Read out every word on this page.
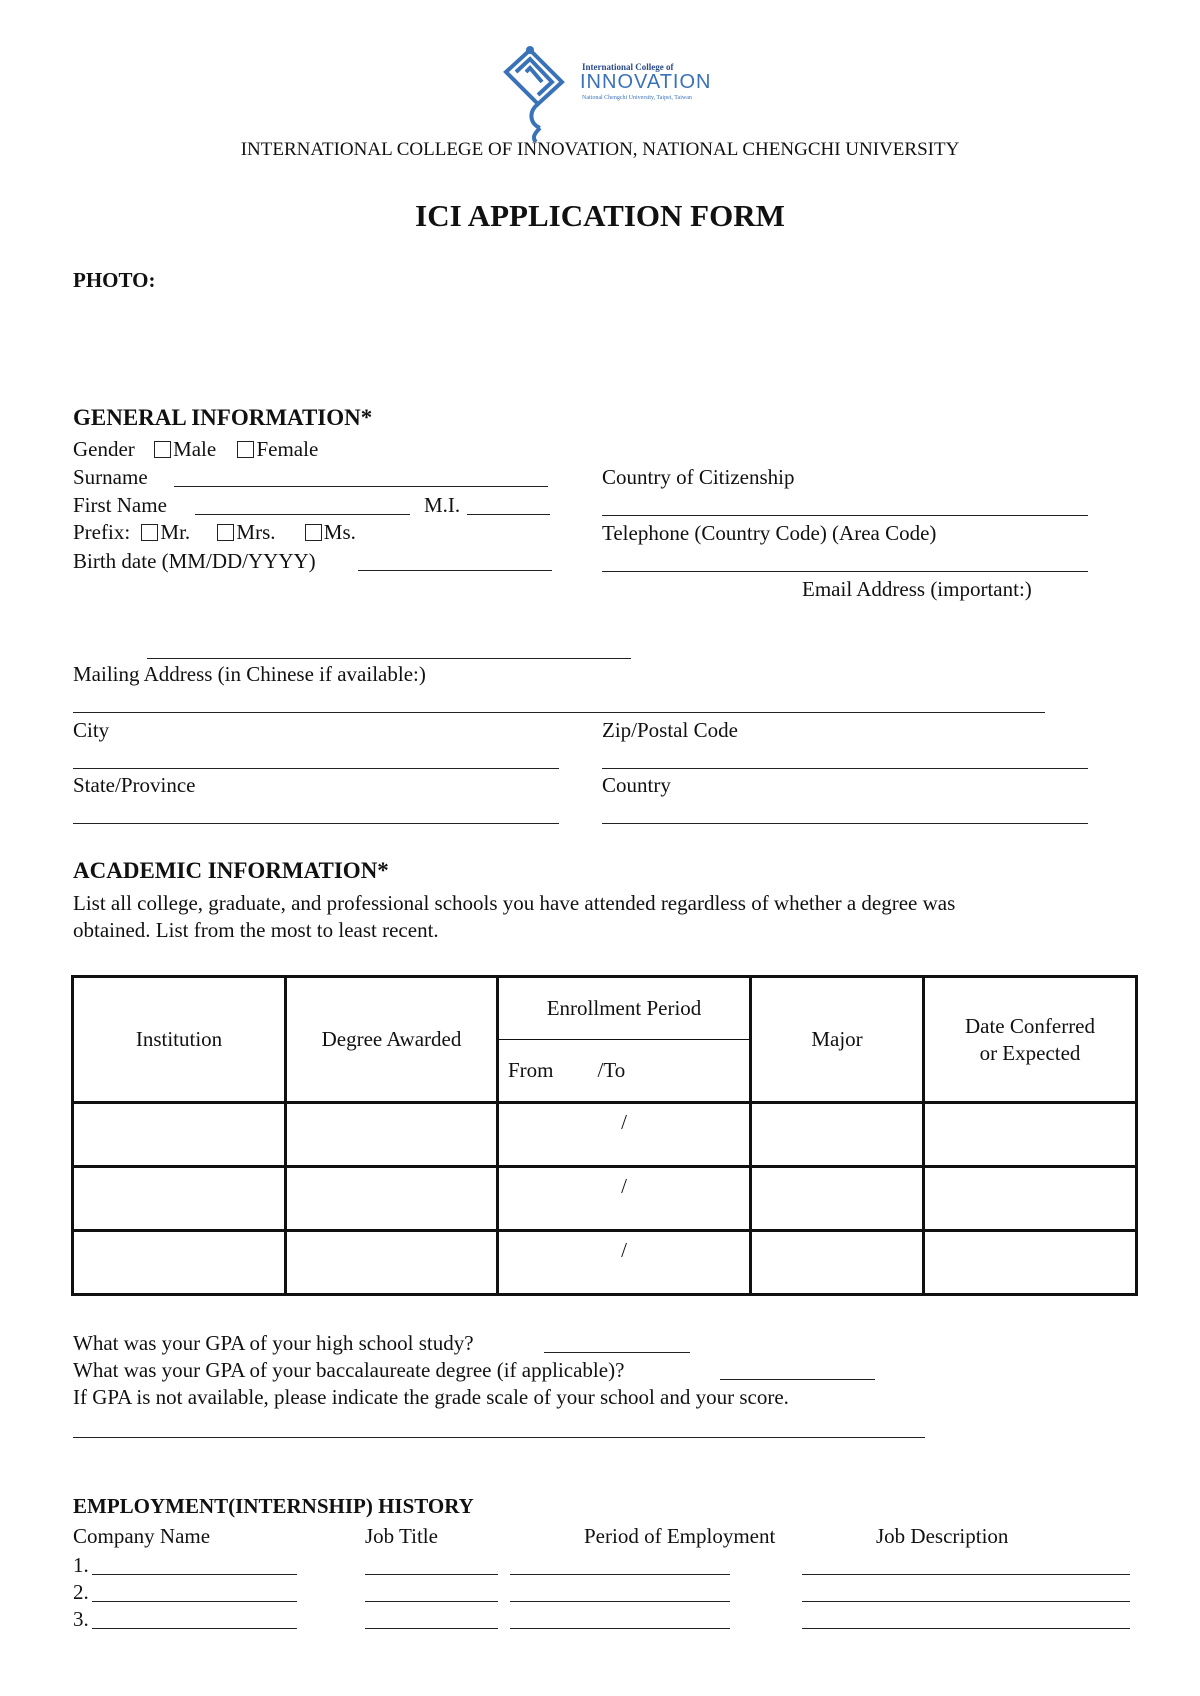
International College of
INNOVATION
National Chengchi University, Taipei, Taiwan
INTERNATIONAL COLLEGE OF INNOVATION, NATIONAL CHENGCHI UNIVERSITY
ICI APPLICATION FORM
PHOTO:
GENERAL INFORMATION*
Gender Male Female
Surname
First Name	M.I.
Prefix: Mr. Mrs. Ms.
Birth date (MM/DD/YYYY)
Country of Citizenship
Telephone (Country Code) (Area Code)
Email Address (important:)
Mailing Address (in Chinese if available:)
City	Zip/Postal Code
State/Province	Country
ACADEMIC INFORMATION*
List all college, graduate, and professional schools you have attended regardless of whether a degree was
obtained. List from the most to least recent.
Institution	Degree Awarded	Enrollment Period	Major	Date Conferred
or Expected
		From /To		
		/		
		/		
		/		
What was your GPA of your high school study?
What was your GPA of your baccalaureate degree (if applicable)?
If GPA is not available, please indicate the grade scale of your school and your score.
EMPLOYMENT(INTERNSHIP) HISTORY
Company Name	Job Title	Period of Employment	Job Description
1.
2.
3.
